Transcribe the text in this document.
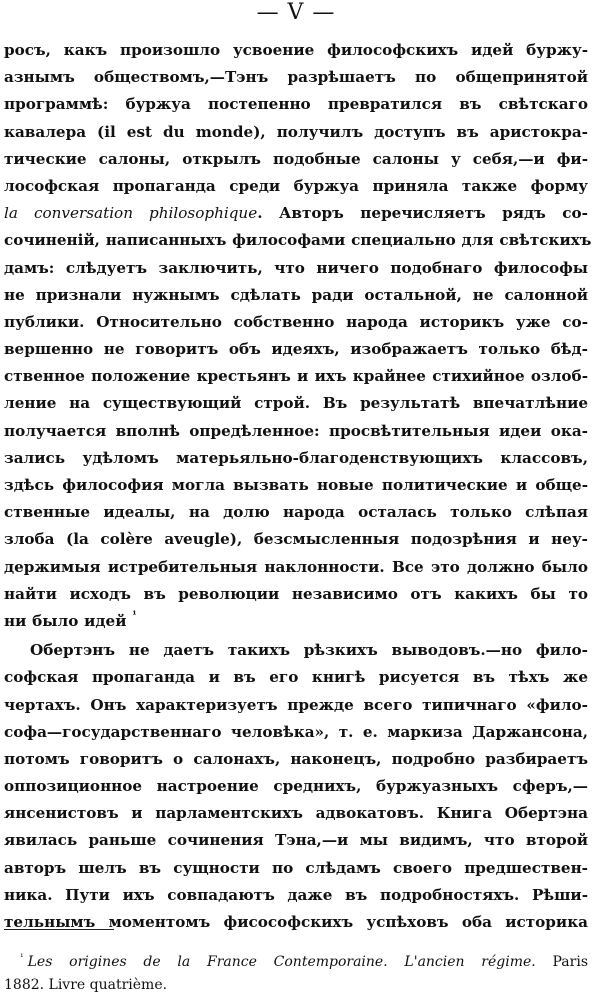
— V —
росъ, какъ произошло усвоение философскихъ идей буржу-
азнымъ обществомъ,—Тэнъ разрѣшаетъ по общепринятой
программѣ: буржуа постепенно превратился въ свѣтскаго
кавалера (il est du monde), получилъ доступъ въ аристокра-
тические салоны, открылъ подобные салоны у себя,—и фи-
лософская пропаганда среди буржуа приняла также форму
la conversation philosophique. Авторъ перечисляетъ рядъ со-
сочиненій, написанныхъ философами специально для свѣтскихъ
дамъ: слѣдуетъ заключить, что ничего подобнаго философы
не признали нужнымъ сдѣлать ради остальной, не салонной
публики. Относительно собственно народа историкъ уже со-
вершенно не говоритъ объ идеяхъ, изображаетъ только бѣд-
ственное положение крестьянъ и ихъ крайнее стихийное озлоб-
ление на существующий строй. Въ результатѣ впечатлѣние
получается вполнѣ опредѣленное: просвѣтительныя идеи ока-
зались удѣломъ матерьяльно-благоденствующихъ классовъ,
здѣсь философия могла вызвать новые политические и обще-
ственные идеалы, на долю народа осталась только слѣпая
злоба (la colère aveugle), безсмысленныя подозрѣния и неу-
держимыя истребительныя наклонности. Все это должно было
найти исходъ въ революции независимо отъ какихъ бы то
ни было идей $^{^1}$
Обертэнъ не даетъ такихъ рѣзкихъ выводовъ.—но фило-
софская пропаганда и въ его книгѣ рисуется въ тѣхъ же
чертахъ. Онъ характеризуетъ прежде всего типичнаго «фило-
софа—государственнаго человѣка», т. е. маркиза Даржансона,
потомъ говоритъ о салонахъ, наконецъ, подробно разбираетъ
оппозиционное настроение среднихъ, буржуазныхъ сферъ,—
янсенистовъ и парламентскихъ адвокатовъ. Книга Обертэна
явилась раньше сочинения Тэна,—и мы видимъ, что второй
авторъ шелъ въ сущности по слѣдамъ своего предшествен-
ника. Пути ихъ совпадаютъ даже въ подробностяхъ. Рѣши-
тельнымъ моментомъ фисософскихъ успѣховъ оба историка
$^{^1}$ Les origines de la France Contemporaine. L'ancien régime. Paris
1882. Livre quatrième.
